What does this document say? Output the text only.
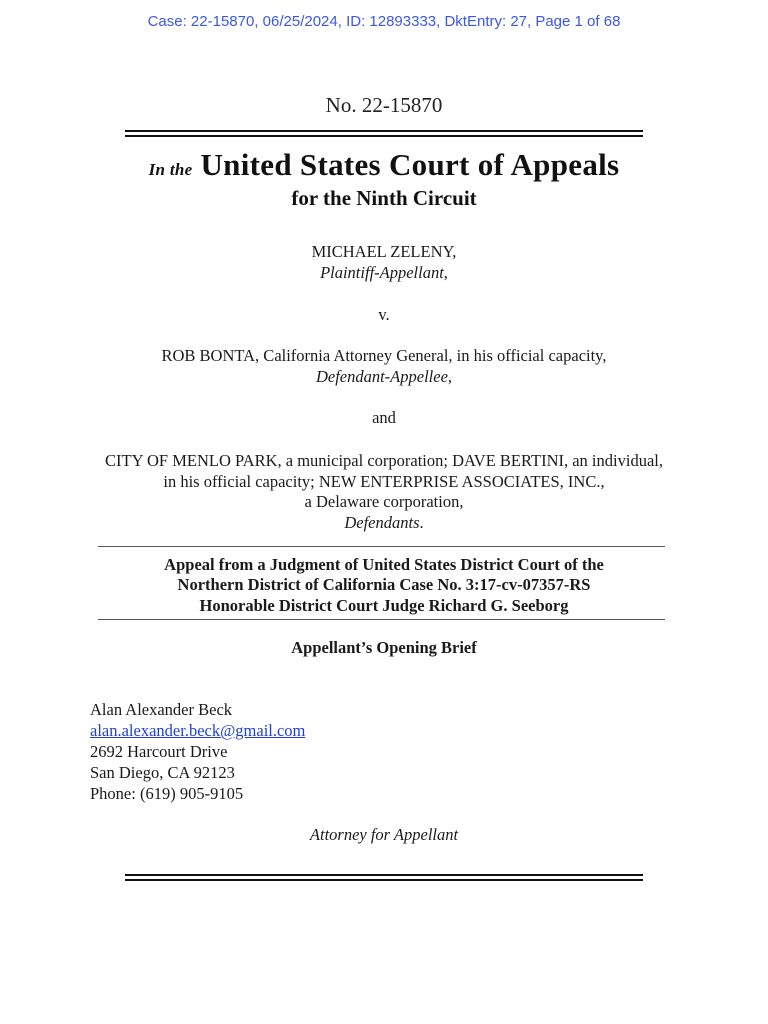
Case: 22-15870, 06/25/2024, ID: 12893333, DktEntry: 27, Page 1 of 68
No. 22-15870
In the United States Court of Appeals
for the Ninth Circuit
MICHAEL ZELENY,
Plaintiff-Appellant,
v.
ROB BONTA, California Attorney General, in his official capacity,
Defendant-Appellee,
and
CITY OF MENLO PARK, a municipal corporation; DAVE BERTINI, an individual,
in his official capacity; NEW ENTERPRISE ASSOCIATES, INC.,
a Delaware corporation,
Defendants.
Appeal from a Judgment of United States District Court of the
Northern District of California Case No. 3:17-cv-07357-RS
Honorable District Court Judge Richard G. Seeborg
Appellant’s Opening Brief
Alan Alexander Beck
alan.alexander.beck@gmail.com
2692 Harcourt Drive
San Diego, CA 92123
Phone: (619) 905-9105
Attorney for Appellant
